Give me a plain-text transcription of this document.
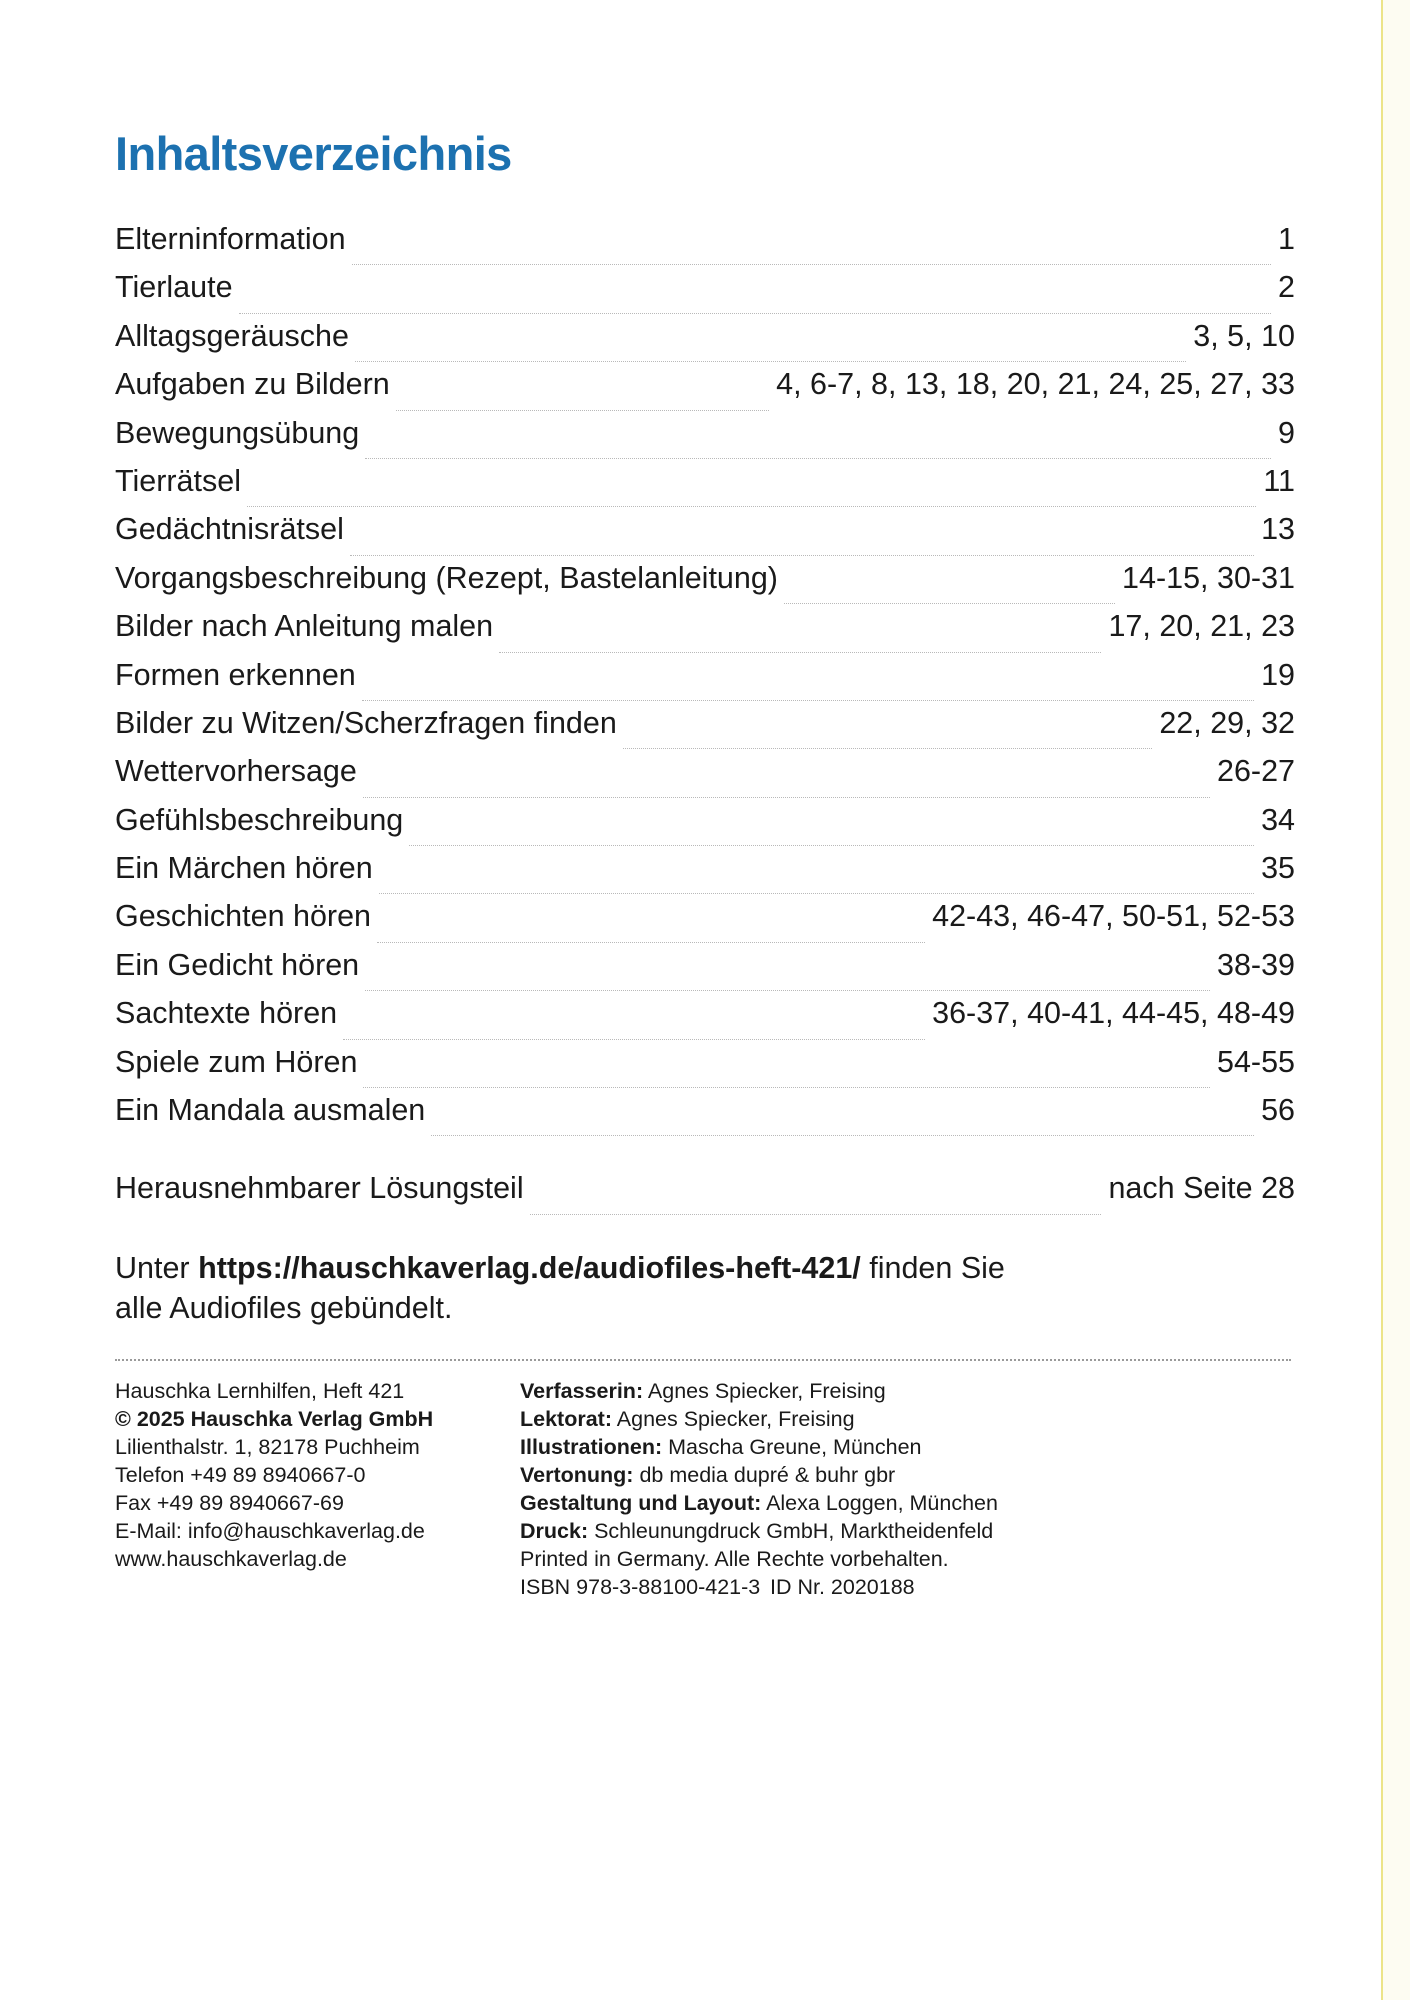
Inhaltsverzeichnis
Elterninformation	1
Tierlaute	2
Alltagsgeräusche	3, 5, 10
Aufgaben zu Bildern	4, 6-7, 8, 13, 18, 20, 21, 24, 25, 27, 33
Bewegungsübung	9
Tierrätsel	11
Gedächtnisrätsel	13
Vorgangsbeschreibung (Rezept, Bastelanleitung)	14-15, 30-31
Bilder nach Anleitung malen	17, 20, 21, 23
Formen erkennen	19
Bilder zu Witzen/Scherzfragen finden	22, 29, 32
Wettervorhersage	26-27
Gefühlsbeschreibung	34
Ein Märchen hören	35
Geschichten hören	42-43, 46-47, 50-51, 52-53
Ein Gedicht hören	38-39
Sachtexte hören	36-37, 40-41, 44-45, 48-49
Spiele zum Hören	54-55
Ein Mandala ausmalen	56
Herausnehmbarer Lösungsteil	nach Seite 28

Unter https://hauschkaverlag.de/audiofiles-heft-421/ finden Sie alle Audiofiles gebündelt.

Hauschka Lernhilfen, Heft 421
© 2025 Hauschka Verlag GmbH
Lilienthalstr. 1, 82178 Puchheim
Telefon +49 89 8940667-0
Fax +49 89 8940667-69
E-Mail: info@hauschkaverlag.de
www.hauschkaverlag.de
Verfasserin: Agnes Spiecker, Freising
Lektorat: Agnes Spiecker, Freising
Illustrationen: Mascha Greune, München
Vertonung: db media dupré & buhr gbr
Gestaltung und Layout: Alexa Loggen, München
Druck: Schleunungdruck GmbH, Marktheidenfeld
Printed in Germany. Alle Rechte vorbehalten.
ISBN 978-3-88100-421-3 ID Nr. 2020188
